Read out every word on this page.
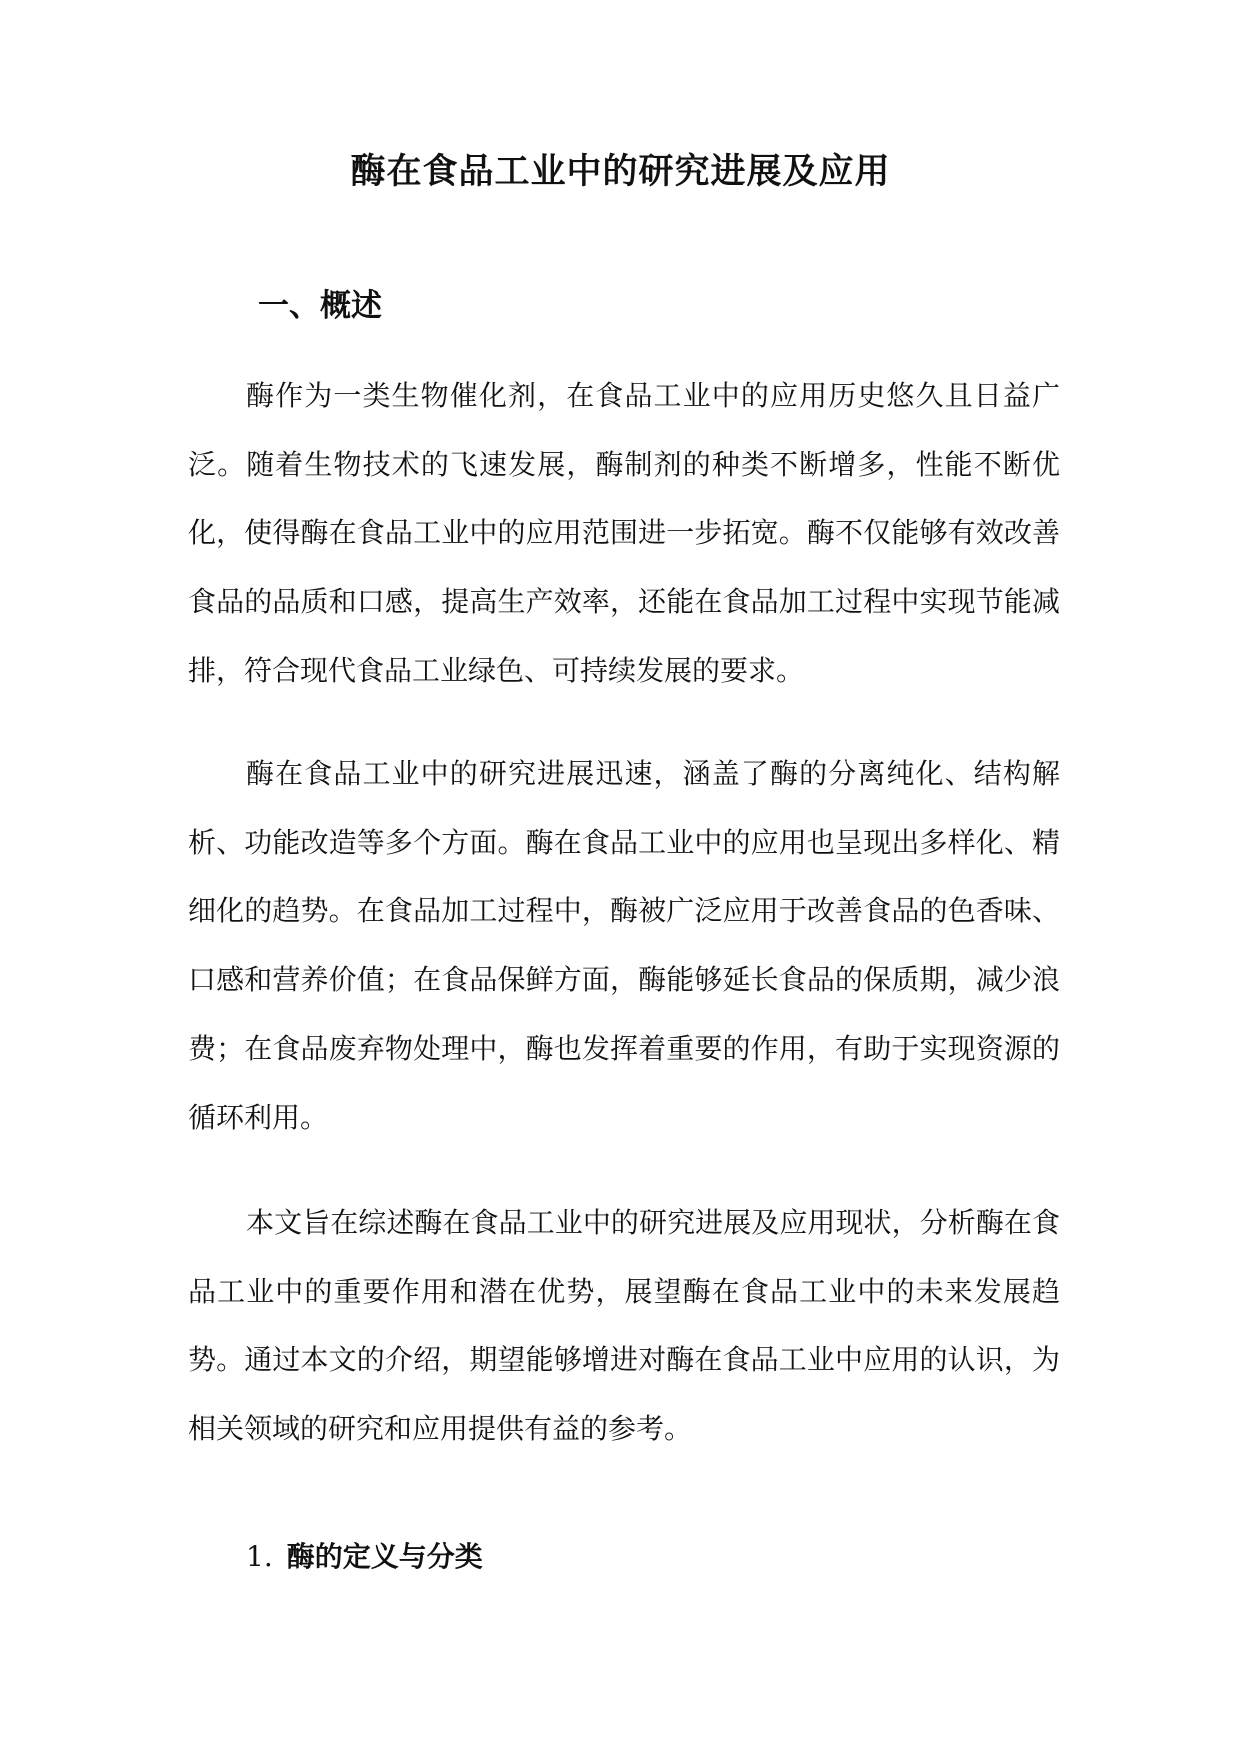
酶在食品工业中的研究进展及应用
一、概述

酶作为一类生物催化剂，在食品工业中的应用历史悠久且日益广泛。随着生物技术的飞速发展，酶制剂的种类不断增多，性能不断优化，使得酶在食品工业中的应用范围进一步拓宽。酶不仅能够有效改善食品的品质和口感，提高生产效率，还能在食品加工过程中实现节能减排，符合现代食品工业绿色、可持续发展的要求。

酶在食品工业中的研究进展迅速，涵盖了酶的分离纯化、结构解析、功能改造等多个方面。酶在食品工业中的应用也呈现出多样化、精细化的趋势。在食品加工过程中，酶被广泛应用于改善食品的色香味、口感和营养价值；在食品保鲜方面，酶能够延长食品的保质期，减少浪费；在食品废弃物处理中，酶也发挥着重要的作用，有助于实现资源的循环利用。

本文旨在综述酶在食品工业中的研究进展及应用现状，分析酶在食品工业中的重要作用和潜在优势，展望酶在食品工业中的未来发展趋势。通过本文的介绍，期望能够增进对酶在食品工业中应用的认识，为相关领域的研究和应用提供有益的参考。

1. 酶的定义与分类
